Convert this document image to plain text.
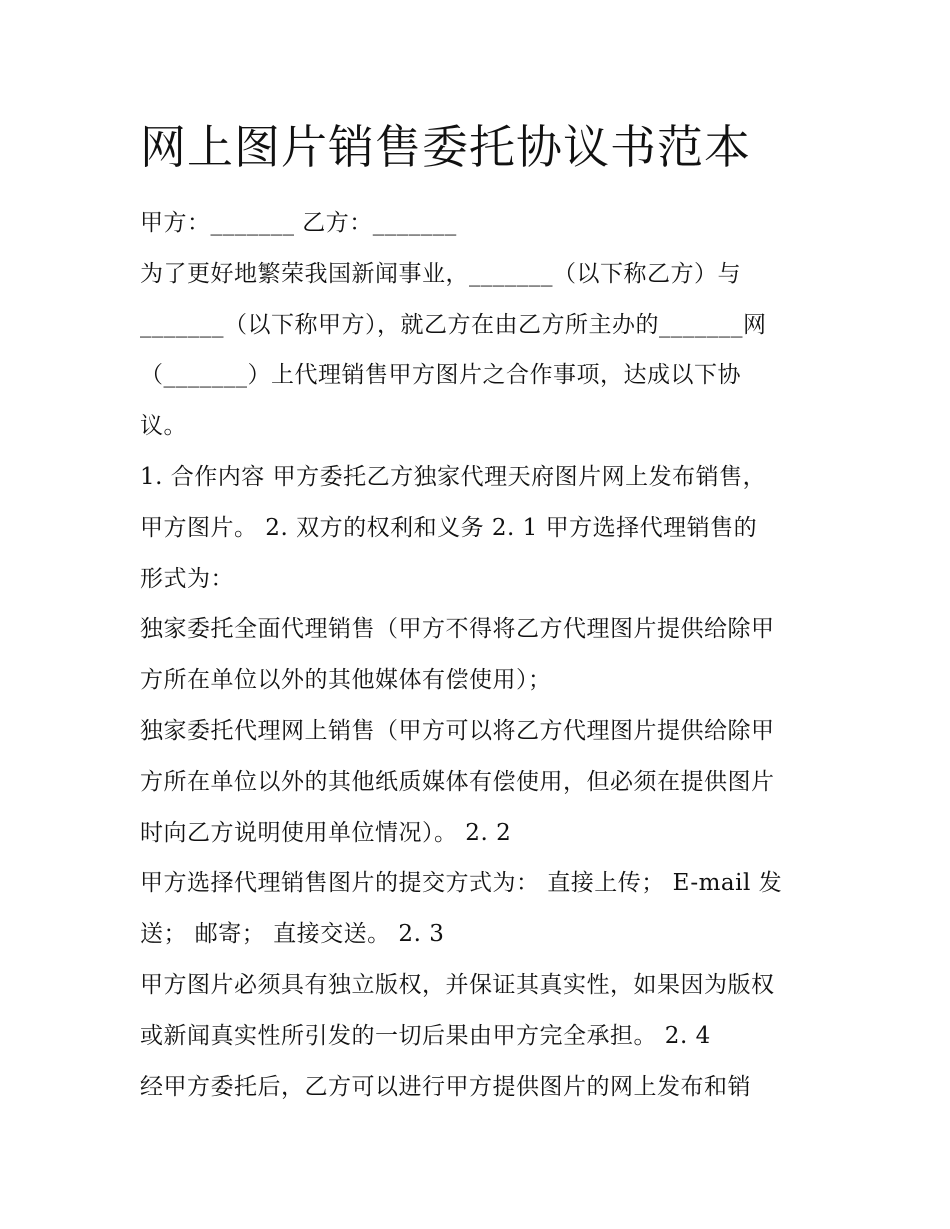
网上图片销售委托协议书范本
甲方：_______ 乙方：_______
为了更好地繁荣我国新闻事业，_______（以下称乙方）与
_______（以下称甲方），就乙方在由乙方所主办的_______网
（_______）上代理销售甲方图片之合作事项，达成以下协
议。
1. 合作内容 甲方委托乙方独家代理天府图片网上发布销售，
甲方图片。 2. 双方的权利和义务 2. 1 甲方选择代理销售的
形式为：
独家委托全面代理销售（甲方不得将乙方代理图片提供给除甲
方所在单位以外的其他媒体有偿使用）；
独家委托代理网上销售（甲方可以将乙方代理图片提供给除甲
方所在单位以外的其他纸质媒体有偿使用，但必须在提供图片
时向乙方说明使用单位情况）。 2. 2
甲方选择代理销售图片的提交方式为： 直接上传； E-mail 发
送； 邮寄； 直接交送。 2. 3
甲方图片必须具有独立版权，并保证其真实性，如果因为版权
或新闻真实性所引发的一切后果由甲方完全承担。 2. 4
经甲方委托后，乙方可以进行甲方提供图片的网上发布和销
